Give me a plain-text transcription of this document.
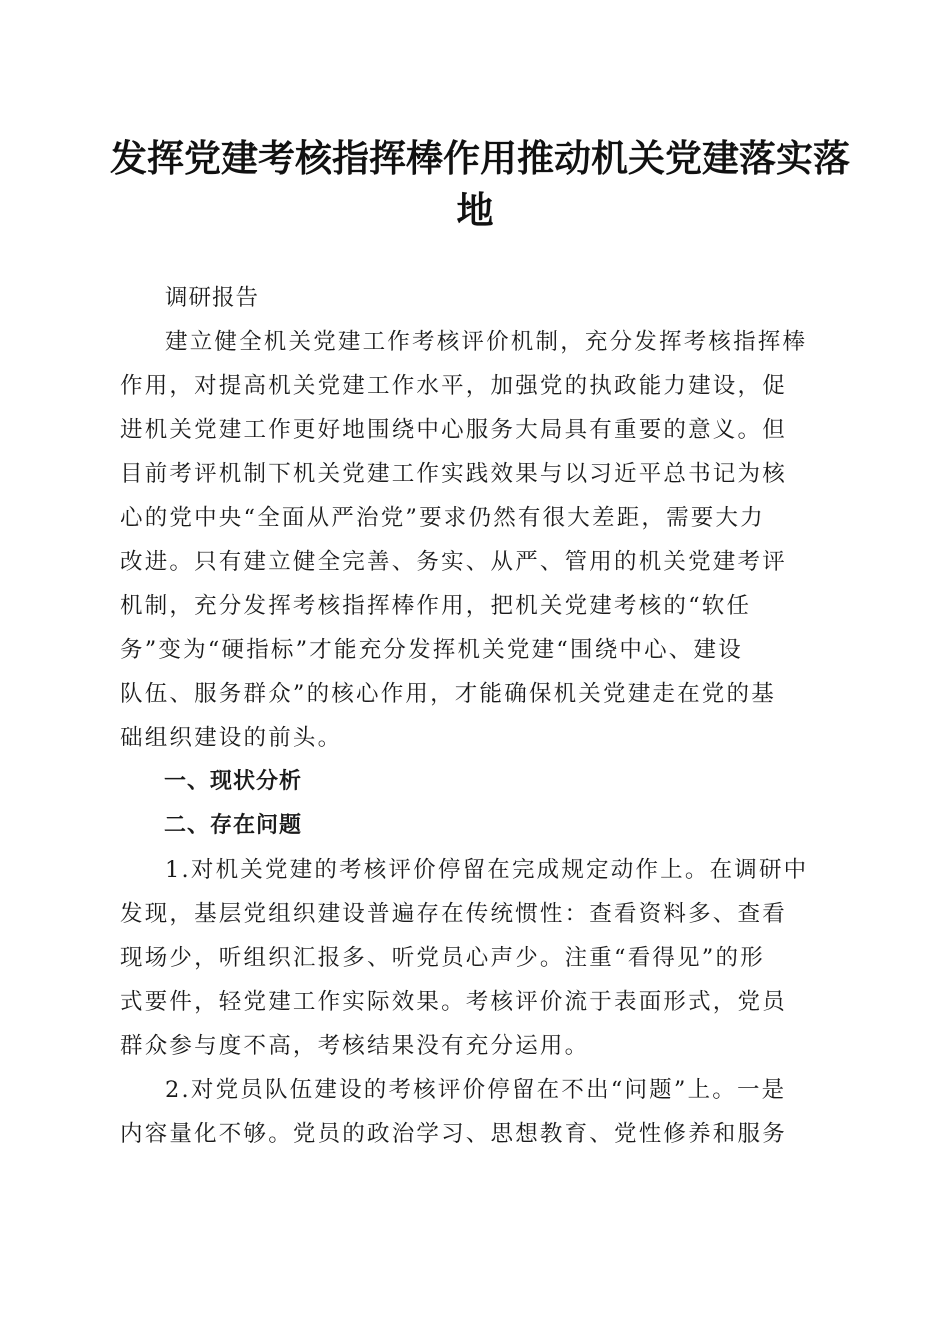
发挥党建考核指挥棒作用推动机关党建落实落
地

调研报告

建立健全机关党建工作考核评价机制，充分发挥考核指挥棒
作用，对提高机关党建工作水平，加强党的执政能力建设，促
进机关党建工作更好地围绕中心服务大局具有重要的意义。但
目前考评机制下机关党建工作实践效果与以习近平总书记为核
心的党中央“全面从严治党”要求仍然有很大差距，需要大力
改进。只有建立健全完善、务实、从严、管用的机关党建考评
机制，充分发挥考核指挥棒作用，把机关党建考核的“软任
务”变为“硬指标”才能充分发挥机关党建“围绕中心、建设
队伍、服务群众”的核心作用，才能确保机关党建走在党的基
础组织建设的前头。

一、现状分析

二、存在问题

1.对机关党建的考核评价停留在完成规定动作上。在调研中
发现，基层党组织建设普遍存在传统惯性：查看资料多、查看
现场少，听组织汇报多、听党员心声少。注重“看得见”的形
式要件，轻党建工作实际效果。考核评价流于表面形式，党员
群众参与度不高，考核结果没有充分运用。

2.对党员队伍建设的考核评价停留在不出“问题”上。一是
内容量化不够。党员的政治学习、思想教育、党性修养和服务
